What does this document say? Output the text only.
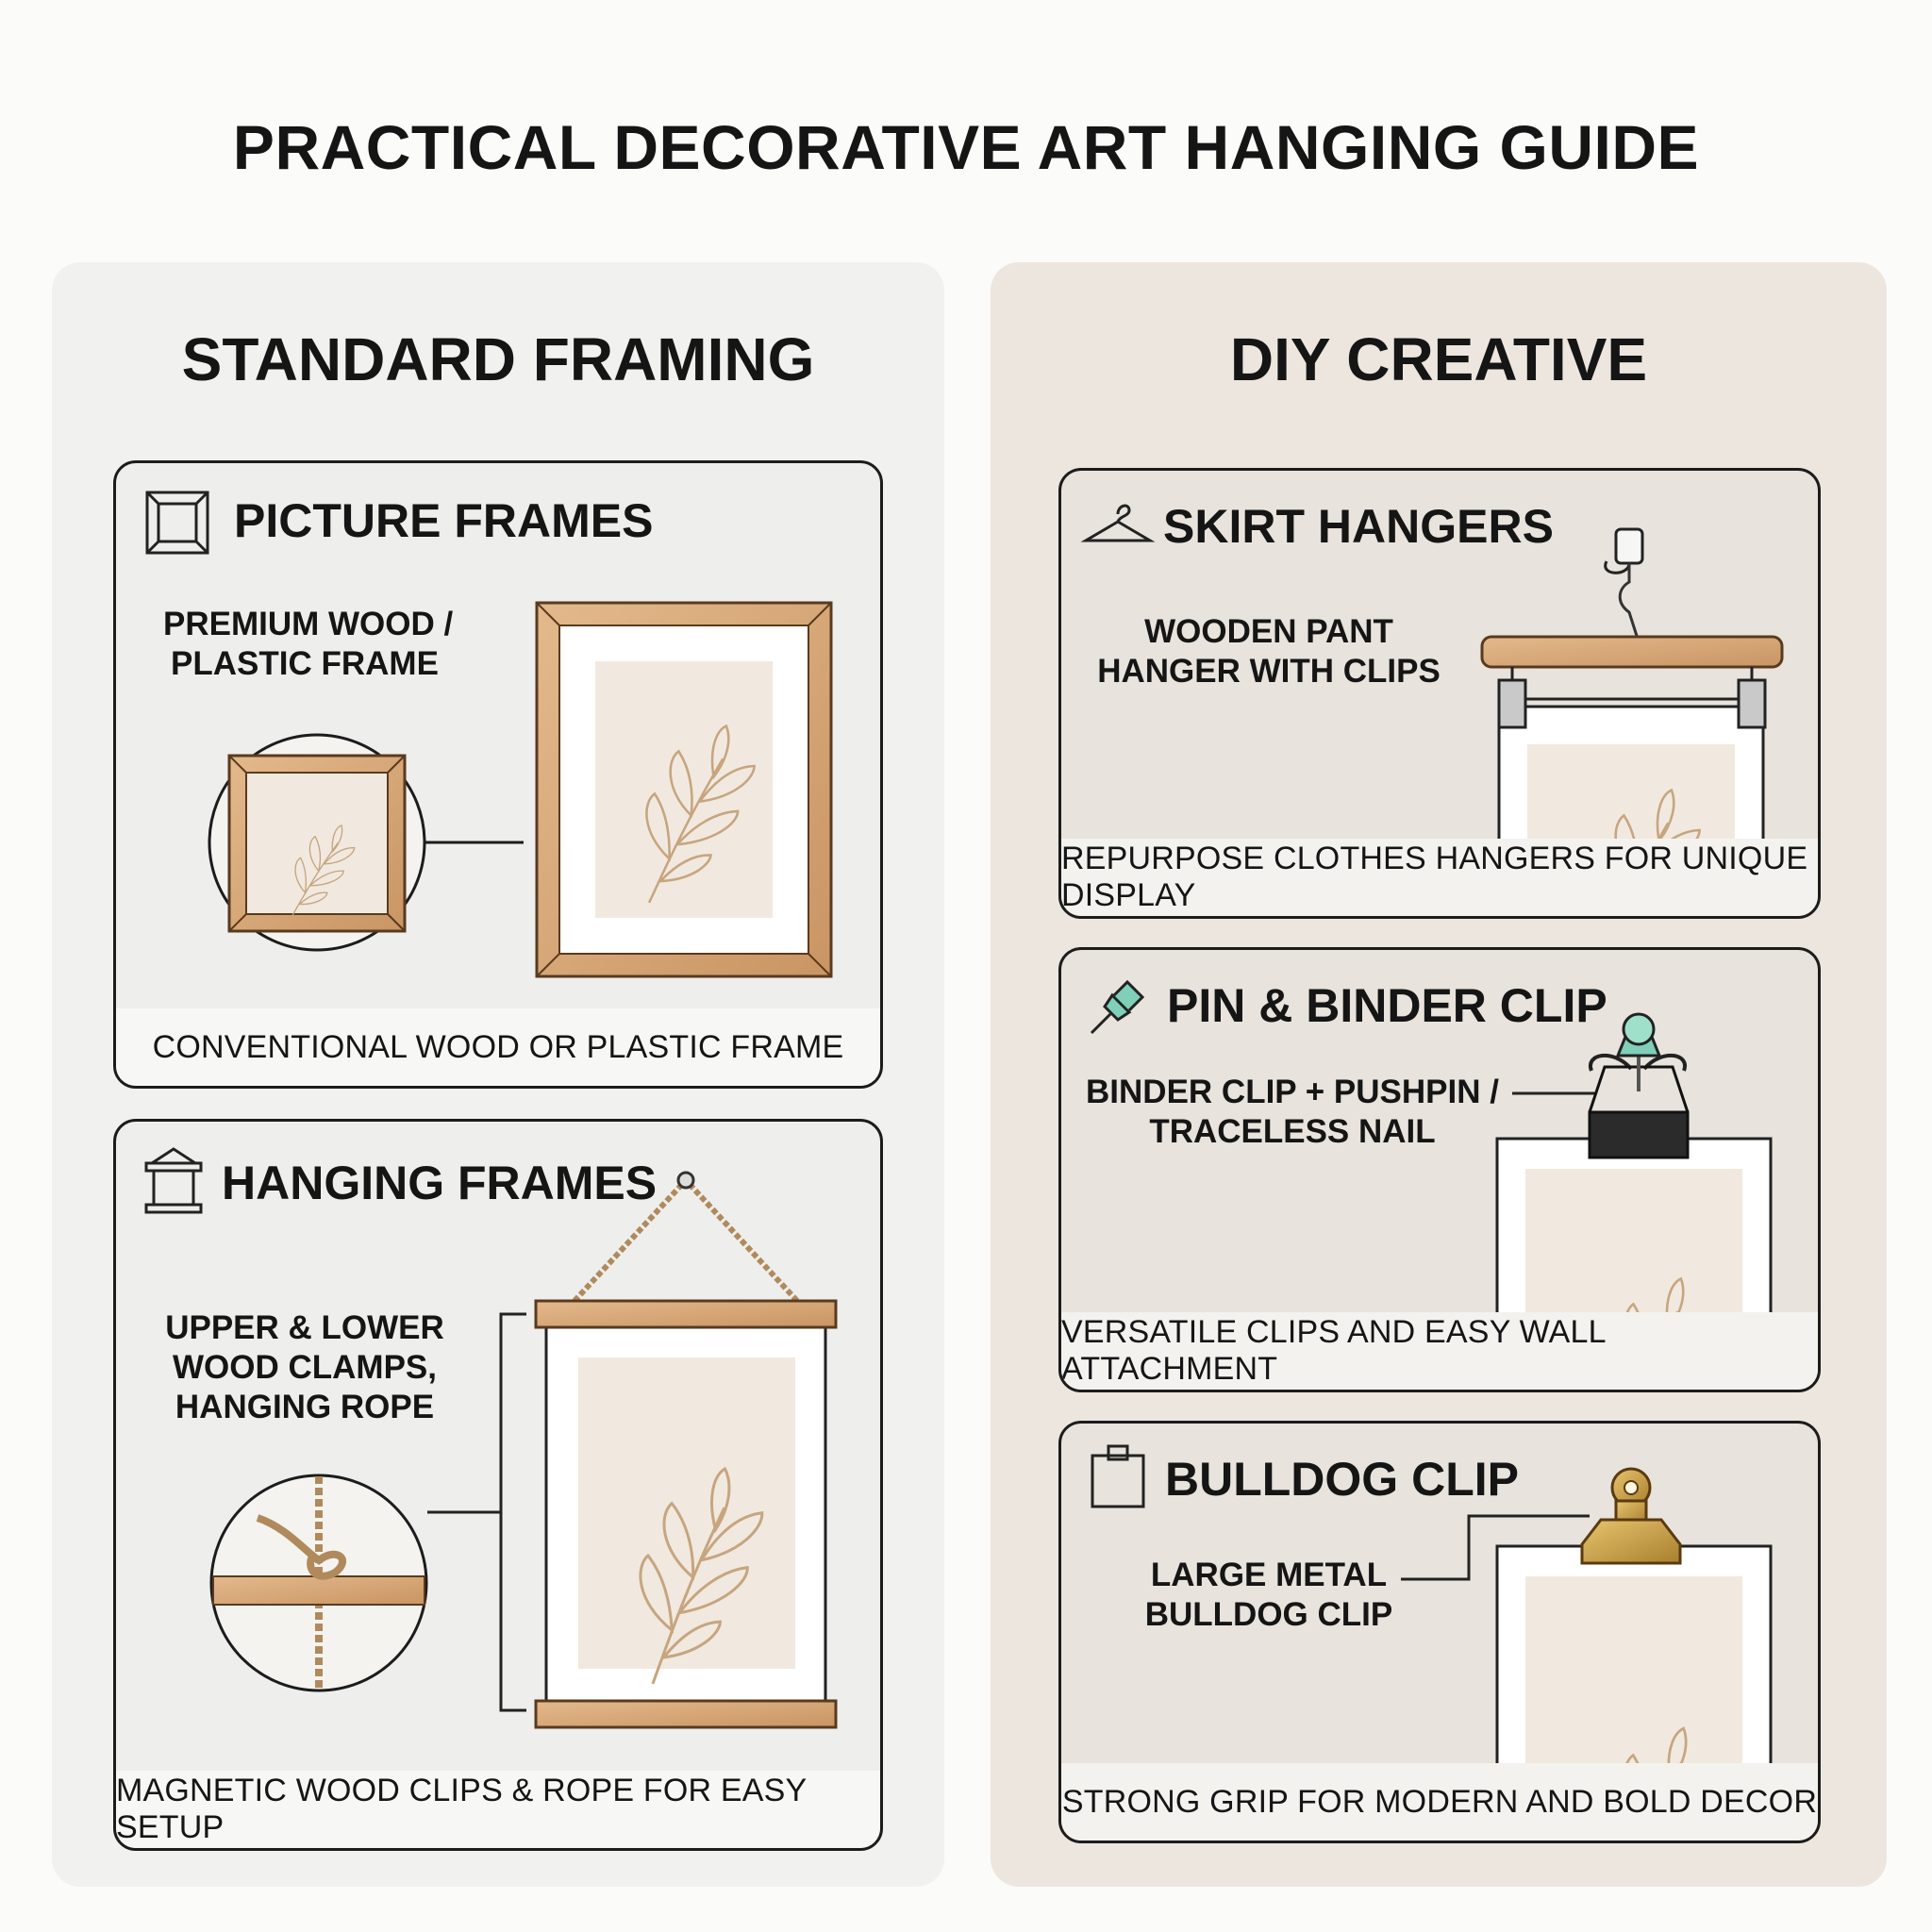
PRACTICAL DECORATIVE ART HANGING GUIDE
STANDARD FRAMING
PICTURE FRAMES
PREMIUM WOOD /
PLASTIC FRAME
CONVENTIONAL WOOD OR PLASTIC FRAME
HANGING FRAMES
UPPER & LOWER
WOOD CLAMPS,
HANGING ROPE
MAGNETIC WOOD CLIPS & ROPE FOR EASY SETUP
DIY CREATIVE
SKIRT HANGERS
WOODEN PANT
HANGER WITH CLIPS
REPURPOSE CLOTHES HANGERS FOR UNIQUE DISPLAY
PIN & BINDER CLIP
BINDER CLIP + PUSHPIN /
TRACELESS NAIL
VERSATILE CLIPS AND EASY WALL ATTACHMENT
BULLDOG CLIP
LARGE METAL
BULLDOG CLIP
STRONG GRIP FOR MODERN AND BOLD DECOR
